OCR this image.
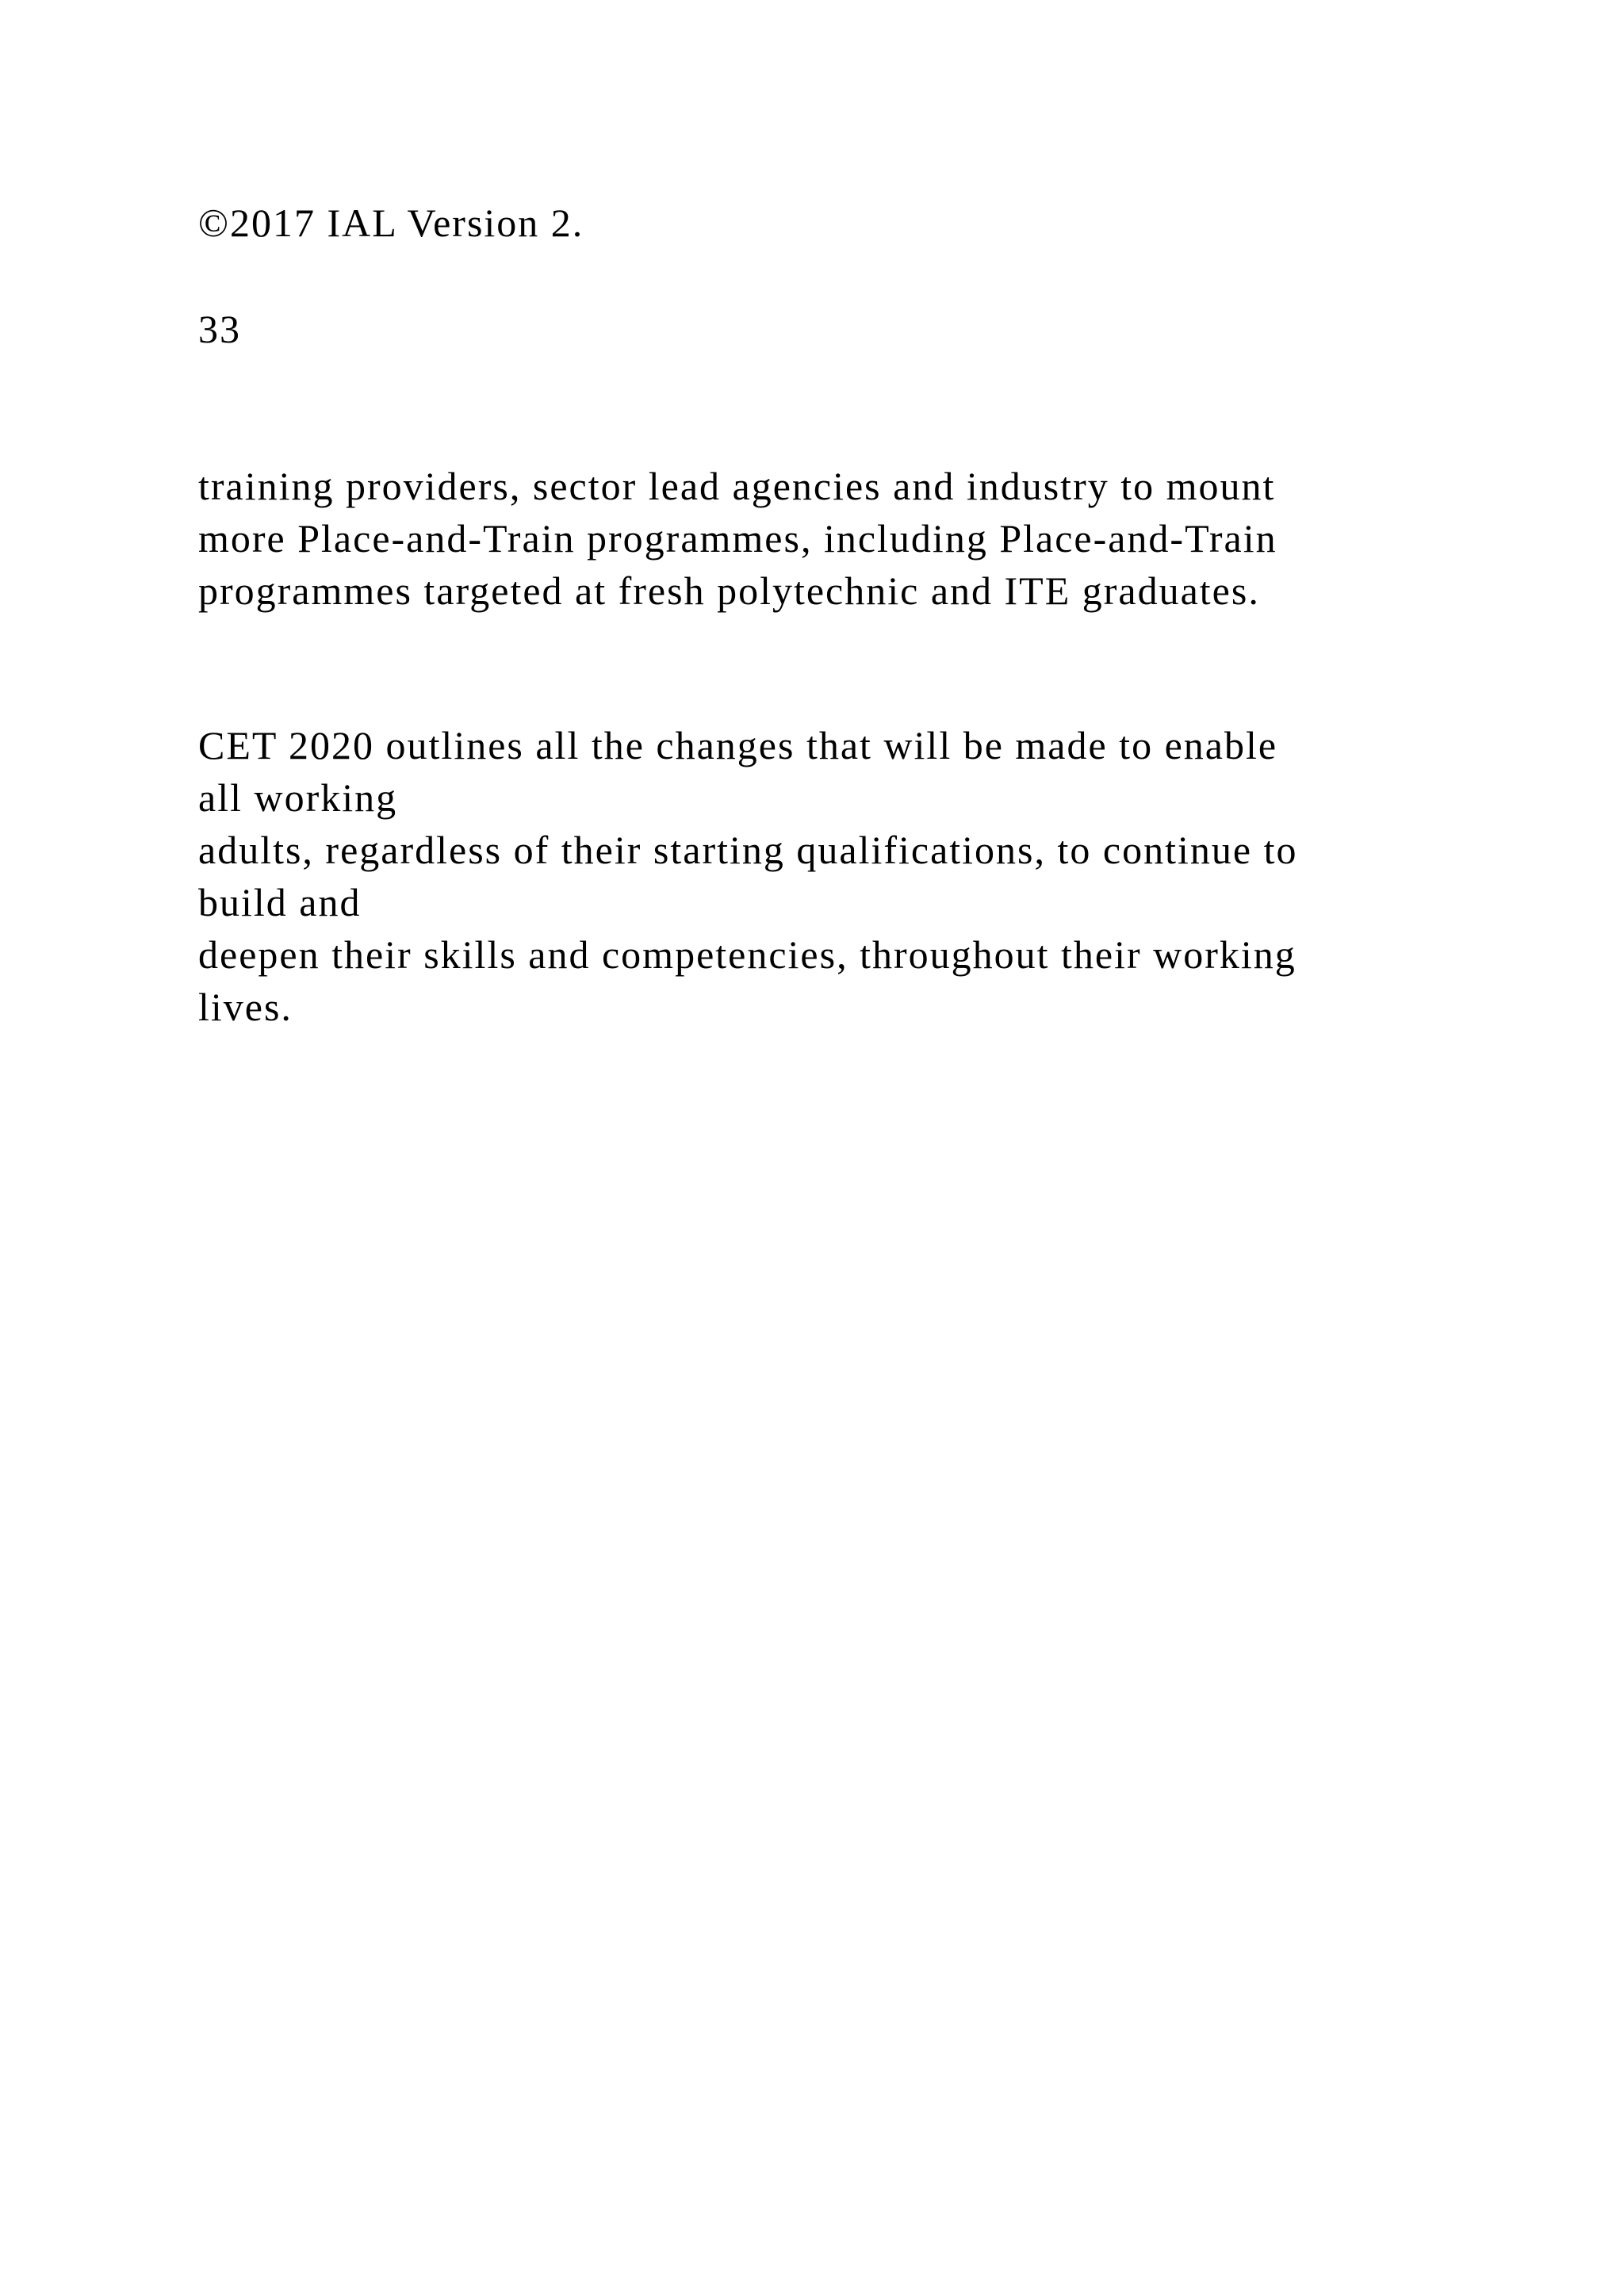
©2017 IAL Version 2.
33
training providers, sector lead agencies and industry to mount
more Place-and-Train programmes, including Place-and-Train
programmes targeted at fresh polytechnic and ITE graduates.
CET 2020 outlines all the changes that will be made to enable
all working
adults, regardless of their starting qualifications, to continue to
build and
deepen their skills and competencies, throughout their working
lives.
